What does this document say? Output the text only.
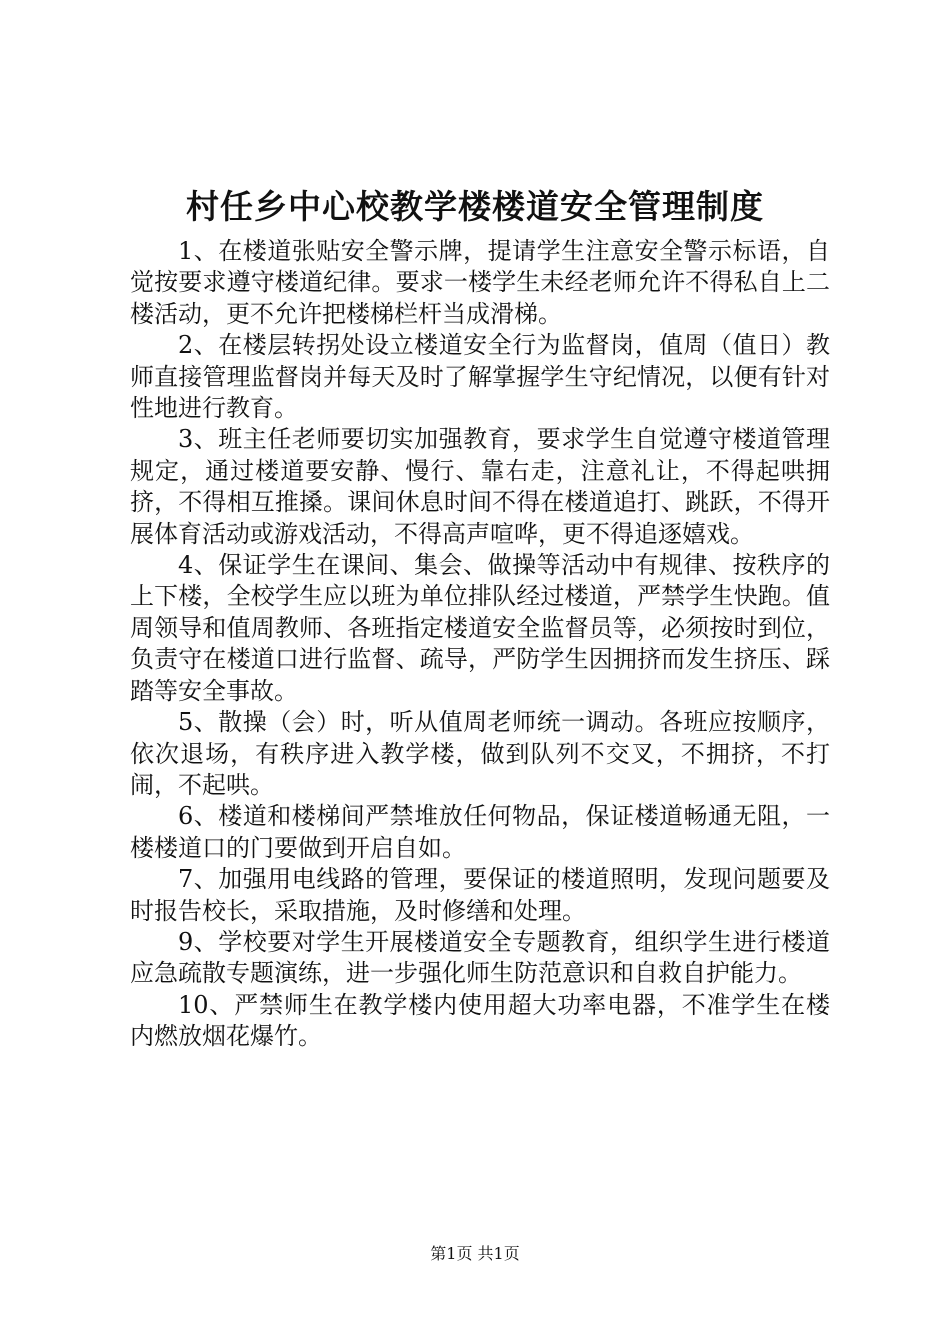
村任乡中心校教学楼楼道安全管理制度

1、在楼道张贴安全警示牌，提请学生注意安全警示标语，自觉按要求遵守楼道纪律。要求一楼学生未经老师允许不得私自上二楼活动，更不允许把楼梯栏杆当成滑梯。

2、在楼层转拐处设立楼道安全行为监督岗，值周（值日）教师直接管理监督岗并每天及时了解掌握学生守纪情况，以便有针对性地进行教育。

3、班主任老师要切实加强教育，要求学生自觉遵守楼道管理规定，通过楼道要安静、慢行、靠右走，注意礼让，不得起哄拥挤，不得相互推搡。课间休息时间不得在楼道追打、跳跃，不得开展体育活动或游戏活动，不得高声喧哗，更不得追逐嬉戏。

4、保证学生在课间、集会、做操等活动中有规律、按秩序的上下楼，全校学生应以班为单位排队经过楼道，严禁学生快跑。值周领导和值周教师、各班指定楼道安全监督员等，必须按时到位，负责守在楼道口进行监督、疏导，严防学生因拥挤而发生挤压、踩踏等安全事故。

5、散操（会）时，听从值周老师统一调动。各班应按顺序，依次退场，有秩序进入教学楼，做到队列不交叉，不拥挤，不打闹，不起哄。

6、楼道和楼梯间严禁堆放任何物品，保证楼道畅通无阻，一楼楼道口的门要做到开启自如。

7、加强用电线路的管理，要保证的楼道照明，发现问题要及时报告校长，采取措施，及时修缮和处理。

9、学校要对学生开展楼道安全专题教育，组织学生进行楼道应急疏散专题演练，进一步强化师生防范意识和自救自护能力。

10、严禁师生在教学楼内使用超大功率电器，不准学生在楼内燃放烟花爆竹。

第1页 共1页
